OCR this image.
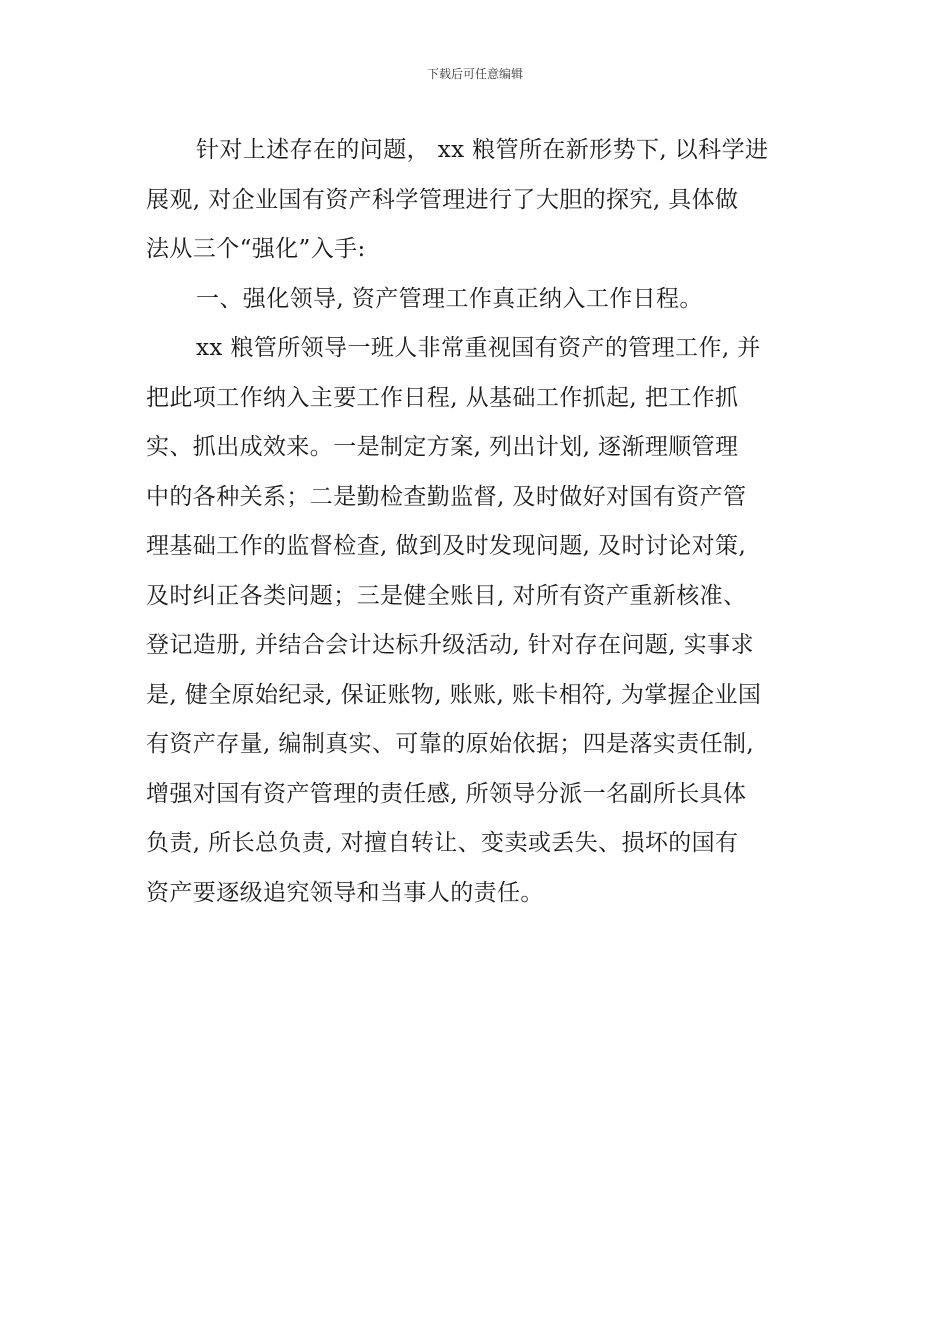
下载后可任意编辑
针对上述存在的问题， xx 粮管所在新形势下, 以科学进
展观, 对企业国有资产科学管理进行了大胆的探究, 具体做
法从三个“强化”入手:
一、强化领导, 资产管理工作真正纳入工作日程。
xx 粮管所领导一班人非常重视国有资产的管理工作, 并
把此项工作纳入主要工作日程, 从基础工作抓起, 把工作抓
实、抓出成效来。一是制定方案, 列出计划, 逐渐理顺管理
中的各种关系；二是勤检查勤监督, 及时做好对国有资产管
理基础工作的监督检查, 做到及时发现问题, 及时讨论对策,
及时纠正各类问题；三是健全账目, 对所有资产重新核准、
登记造册, 并结合会计达标升级活动, 针对存在问题, 实事求
是, 健全原始纪录, 保证账物, 账账, 账卡相符, 为掌握企业国
有资产存量, 编制真实、可靠的原始依据；四是落实责任制,
增强对国有资产管理的责任感, 所领导分派一名副所长具体
负责, 所长总负责, 对擅自转让、变卖或丢失、损坏的国有
资产要逐级追究领导和当事人的责任。
